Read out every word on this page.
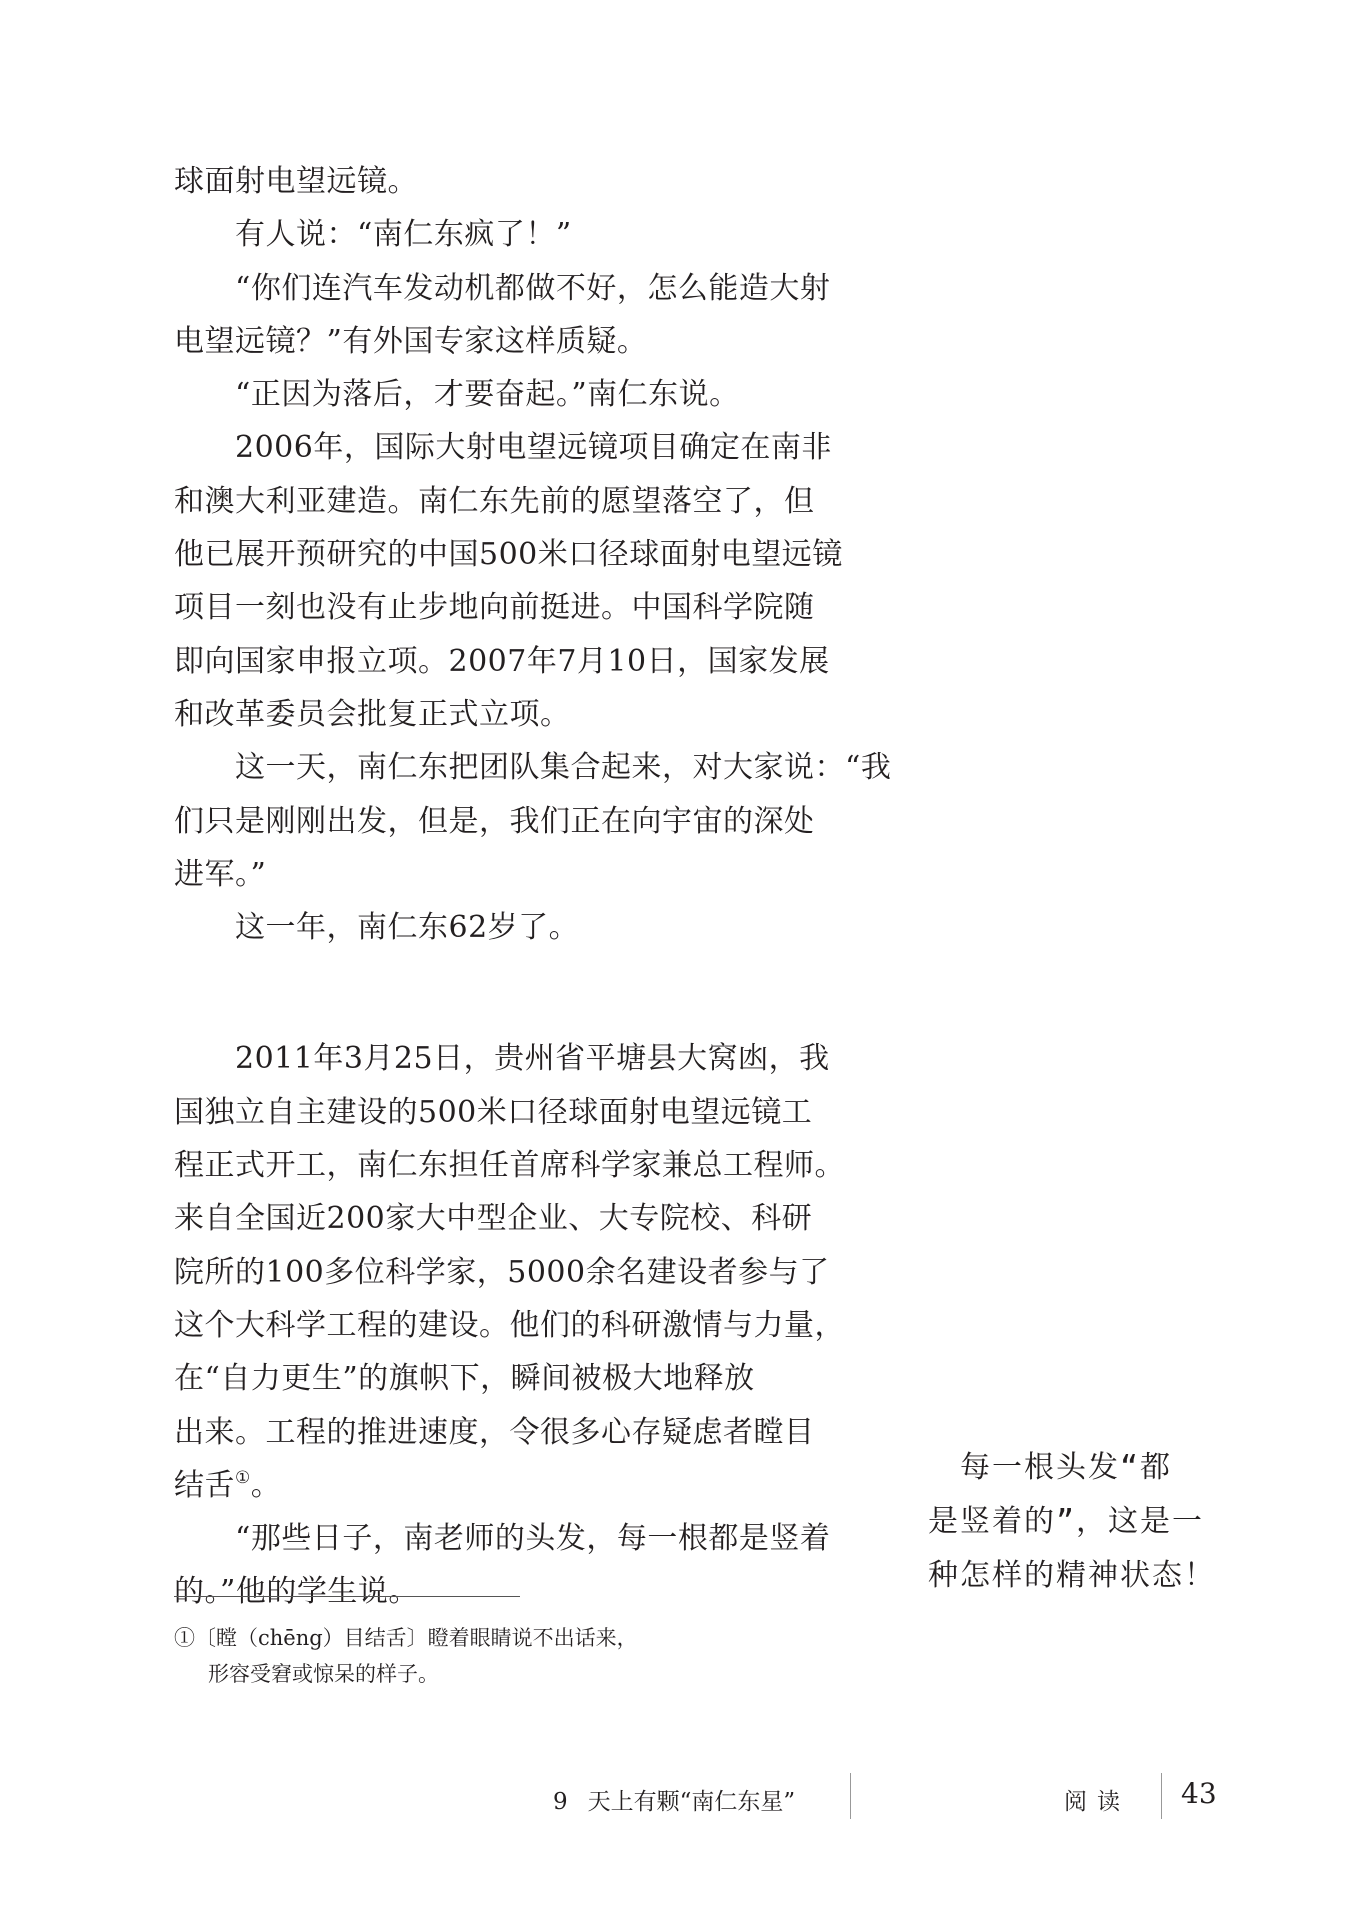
球面射电望远镜。
　　有人说：“南仁东疯了！”
　　“你们连汽车发动机都做不好，怎么能造大射
电望远镜？”有外国专家这样质疑。
　　“正因为落后，才要奋起。”南仁东说。
　　2006年，国际大射电望远镜项目确定在南非
和澳大利亚建造。南仁东先前的愿望落空了，但
他已展开预研究的中国500米口径球面射电望远镜
项目一刻也没有止步地向前挺进。中国科学院随
即向国家申报立项。2007年7月10日，国家发展
和改革委员会批复正式立项。
　　这一天，南仁东把团队集合起来，对大家说：“我
们只是刚刚出发，但是，我们正在向宇宙的深处
进军。”
　　这一年，南仁东62岁了。
　　2011年3月25日，贵州省平塘县大窝凼，我
国独立自主建设的500米口径球面射电望远镜工
程正式开工，南仁东担任首席科学家兼总工程师。
来自全国近200家大中型企业、大专院校、科研
院所的100多位科学家，5000余名建设者参与了
这个大科学工程的建设。他们的科研激情与力量，
在“自力更生”的旗帜下，瞬间被极大地释放
出来。工程的推进速度，令很多心存疑虑者瞠目
结舌①。
　　“那些日子，南老师的头发，每一根都是竖着
的。”他的学生说。
　每一根头发“都
是竖着的”，这是一
种怎样的精神状态！
①〔瞠（chēng）目结舌〕瞪着眼睛说不出话来，
形容受窘或惊呆的样子。
9 天上有颗“南仁东星”	阅读 43
